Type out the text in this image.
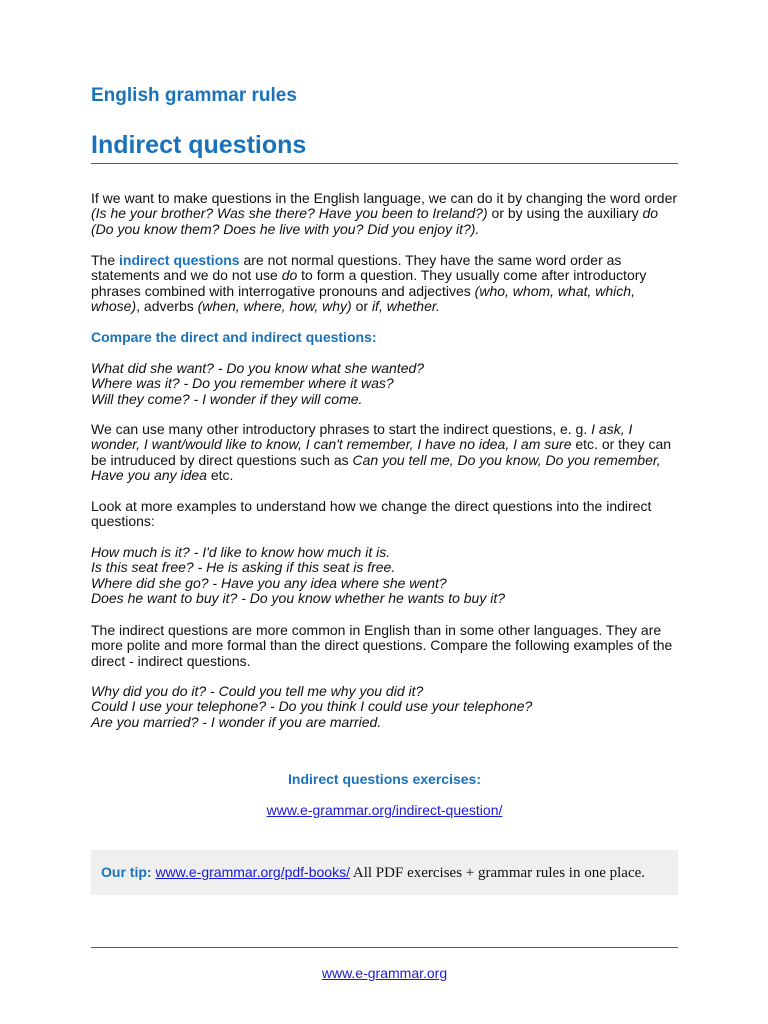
English grammar rules
Indirect questions
If we want to make questions in the English language, we can do it by changing the word order (Is he your brother? Was she there? Have you been to Ireland?) or by using the auxiliary do (Do you know them? Does he live with you? Did you enjoy it?).
The indirect questions are not normal questions. They have the same word order as statements and we do not use do to form a question. They usually come after introductory phrases combined with interrogative pronouns and adjectives (who, whom, what, which, whose), adverbs (when, where, how, why) or if, whether.
Compare the direct and indirect questions:
What did she want? - Do you know what she wanted?
Where was it? - Do you remember where it was?
Will they come? - I wonder if they will come.
We can use many other introductory phrases to start the indirect questions, e. g. I ask, I wonder, I want/would like to know, I can't remember, I have no idea, I am sure etc. or they can be intruduced by direct questions such as Can you tell me, Do you know, Do you remember, Have you any idea etc.
Look at more examples to understand how we change the direct questions into the indirect questions:
How much is it? - I'd like to know how much it is.
Is this seat free? - He is asking if this seat is free.
Where did she go? - Have you any idea where she went?
Does he want to buy it? - Do you know whether he wants to buy it?
The indirect questions are more common in English than in some other languages. They are more polite and more formal than the direct questions. Compare the following examples of the direct - indirect questions.
Why did you do it? - Could you tell me why you did it?
Could I use your telephone? - Do you think I could use your telephone?
Are you married? - I wonder if you are married.
Indirect questions exercises:
www.e-grammar.org/indirect-question/
Our tip: www.e-grammar.org/pdf-books/ All PDF exercises + grammar rules in one place.
www.e-grammar.org
